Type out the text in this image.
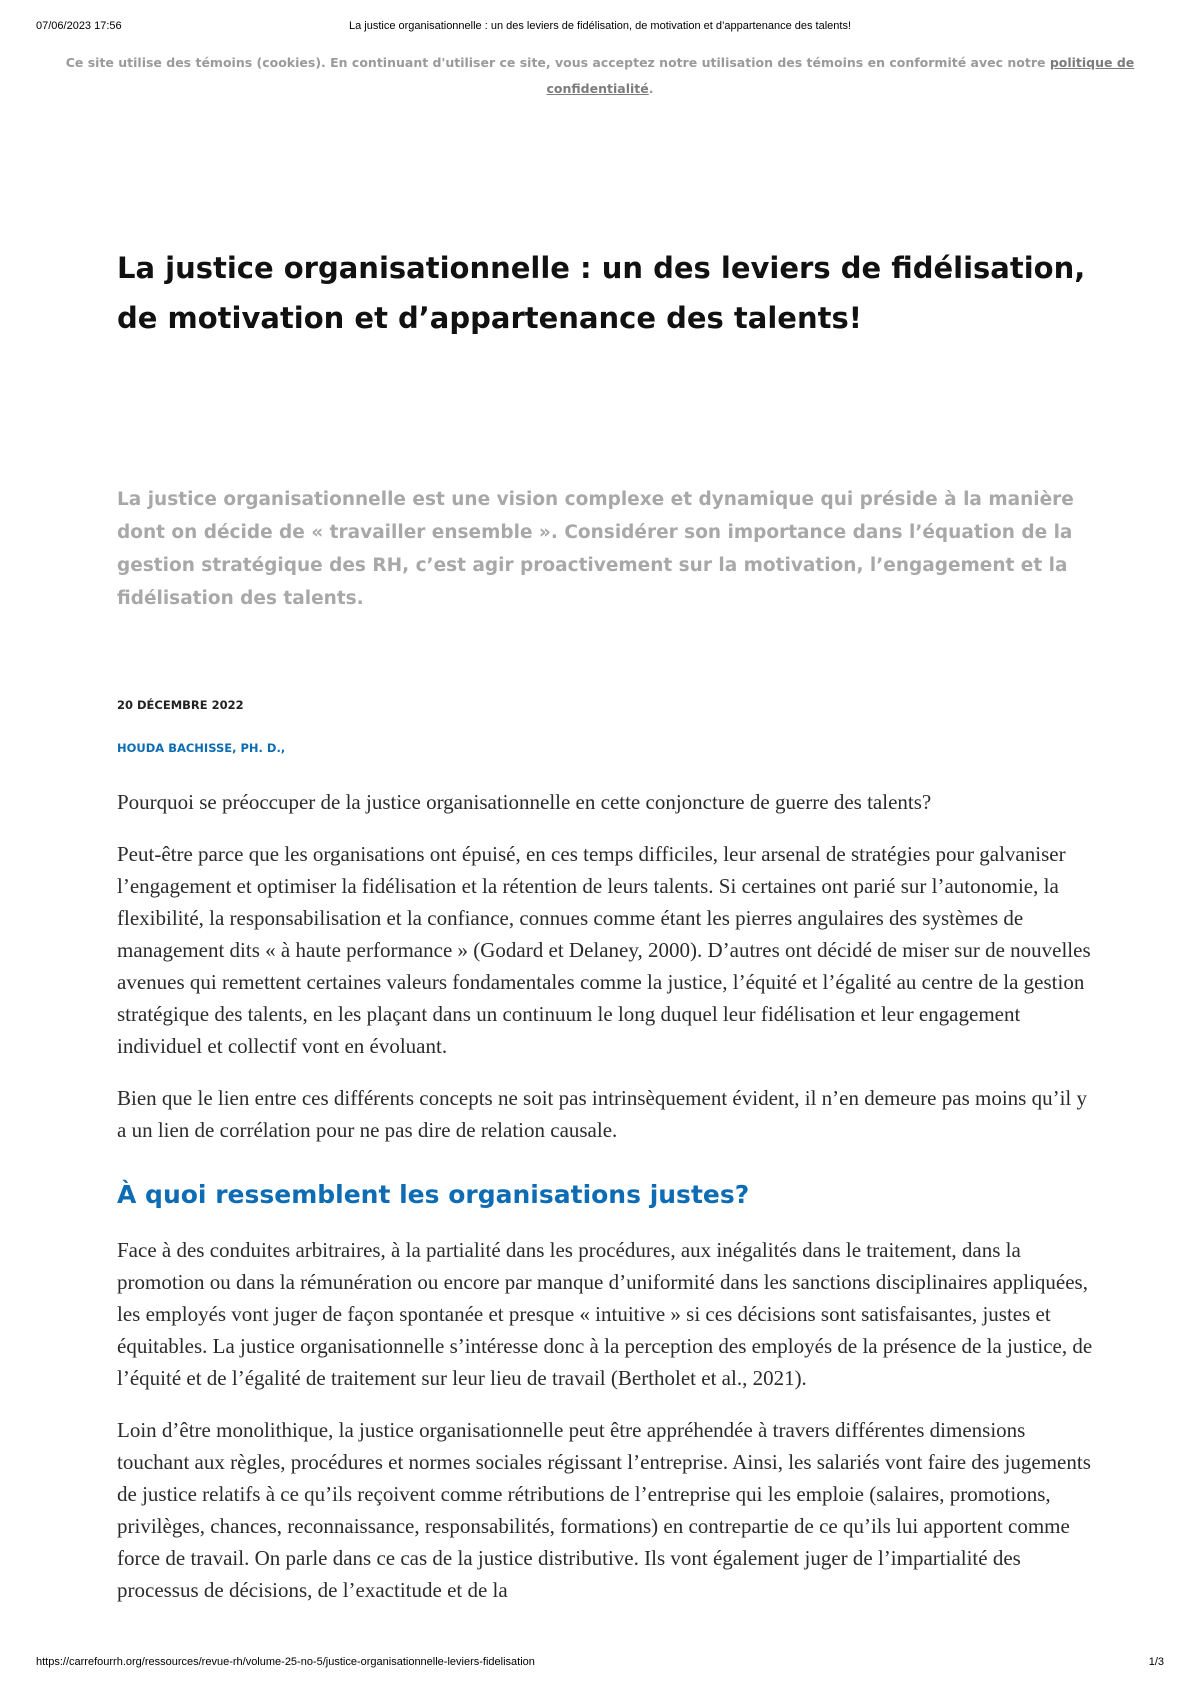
07/06/2023 17:56	La justice organisationnelle : un des leviers de fidélisation, de motivation et d’appartenance des talents!
Ce site utilise des témoins (cookies). En continuant d'utiliser ce site, vous acceptez notre utilisation des témoins en conformité avec notre politique de confidentialité.
La justice organisationnelle : un des leviers de fidélisation, de motivation et d’appartenance des talents!

La justice organisationnelle est une vision complexe et dynamique qui préside à la manière dont on décide de « travailler ensemble ». Considérer son importance dans l’équation de la gestion stratégique des RH, c’est agir proactivement sur la motivation, l’engagement et la fidélisation des talents.

20 DÉCEMBRE 2022
HOUDA BACHISSE, PH. D.,

Pourquoi se préoccuper de la justice organisationnelle en cette conjoncture de guerre des talents?

Peut-être parce que les organisations ont épuisé, en ces temps difficiles, leur arsenal de stratégies pour galvaniser l’engagement et optimiser la fidélisation et la rétention de leurs talents. Si certaines ont parié sur l’autonomie, la flexibilité, la responsabilisation et la confiance, connues comme étant les pierres angulaires des systèmes de management dits « à haute performance » (Godard et Delaney, 2000). D’autres ont décidé de miser sur de nouvelles avenues qui remettent certaines valeurs fondamentales comme la justice, l’équité et l’égalité au centre de la gestion stratégique des talents, en les plaçant dans un continuum le long duquel leur fidélisation et leur engagement individuel et collectif vont en évoluant.

Bien que le lien entre ces différents concepts ne soit pas intrinsèquement évident, il n’en demeure pas moins qu’il y a un lien de corrélation pour ne pas dire de relation causale.

À quoi ressemblent les organisations justes?

Face à des conduites arbitraires, à la partialité dans les procédures, aux inégalités dans le traitement, dans la promotion ou dans la rémunération ou encore par manque d’uniformité dans les sanctions disciplinaires appliquées, les employés vont juger de façon spontanée et presque « intuitive » si ces décisions sont satisfaisantes, justes et équitables. La justice organisationnelle s’intéresse donc à la perception des employés de la présence de la justice, de l’équité et de l’égalité de traitement sur leur lieu de travail (Bertholet et al., 2021).

Loin d’être monolithique, la justice organisationnelle peut être appréhendée à travers différentes dimensions touchant aux règles, procédures et normes sociales régissant l’entreprise. Ainsi, les salariés vont faire des jugements de justice relatifs à ce qu’ils reçoivent comme rétributions de l’entreprise qui les emploie (salaires, promotions, privilèges, chances, reconnaissance, responsabilités, formations) en contrepartie de ce qu’ils lui apportent comme force de travail. On parle dans ce cas de la justice distributive. Ils vont également juger de l’impartialité des processus de décisions, de l’exactitude et de la

https://carrefourrh.org/ressources/revue-rh/volume-25-no-5/justice-organisationnelle-leviers-fidelisation	1/3
